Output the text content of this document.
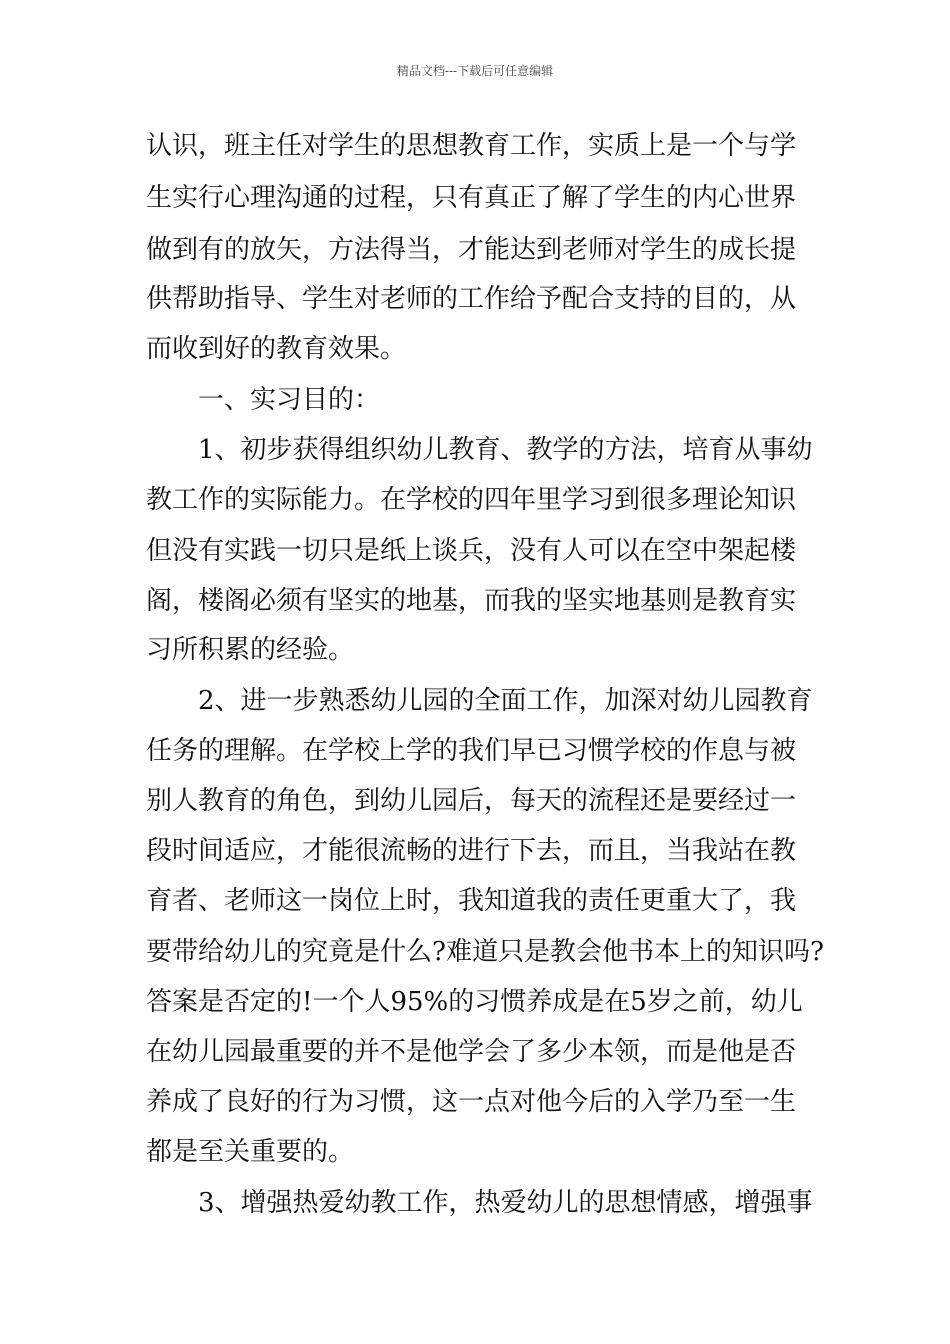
精品文档---下载后可任意编辑
认识，班主任对学生的思想教育工作，实质上是一个与学
生实行心理沟通的过程，只有真正了解了学生的内心世界
做到有的放矢，方法得当，才能达到老师对学生的成长提
供帮助指导、学生对老师的工作给予配合支持的目的，从
而收到好的教育效果。
一、实习目的：
1、初步获得组织幼儿教育、教学的方法，培育从事幼
教工作的实际能力。在学校的四年里学习到很多理论知识
但没有实践一切只是纸上谈兵，没有人可以在空中架起楼
阁，楼阁必须有坚实的地基，而我的坚实地基则是教育实
习所积累的经验。
2、进一步熟悉幼儿园的全面工作，加深对幼儿园教育
任务的理解。在学校上学的我们早已习惯学校的作息与被
别人教育的角色，到幼儿园后，每天的流程还是要经过一
段时间适应，才能很流畅的进行下去，而且，当我站在教
育者、老师这一岗位上时，我知道我的责任更重大了，我
要带给幼儿的究竟是什么?难道只是教会他书本上的知识吗?
答案是否定的!一个人95%的习惯养成是在5岁之前，幼儿
在幼儿园最重要的并不是他学会了多少本领，而是他是否
养成了良好的行为习惯，这一点对他今后的入学乃至一生
都是至关重要的。
3、增强热爱幼教工作，热爱幼儿的思想情感，增强事
